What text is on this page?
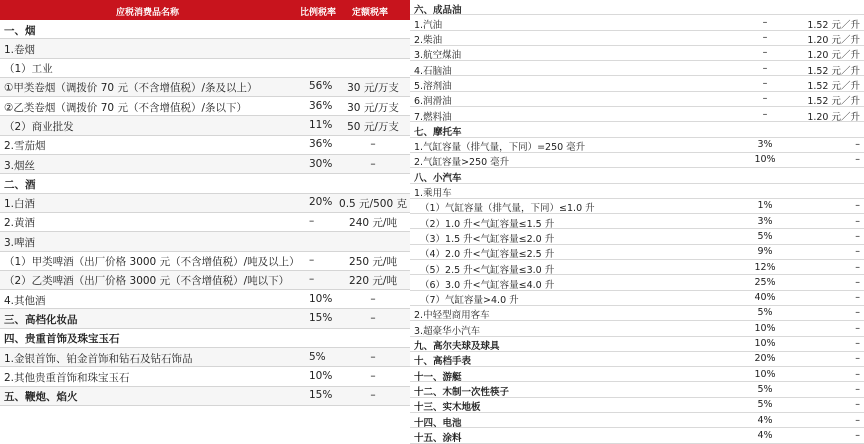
应税消费品名称	比例税率 定额税率
一、烟
1.卷烟
（1）工业
①甲类卷烟（调拨价 70 元（不含增值税）/条及以上）	56%	30 元/万支
②乙类卷烟（调拨价 70 元（不含增值税）/条以下）	36%	30 元/万支
（2）商业批发	11%	50 元/万支
2.雪茄烟	36%	–
3.烟丝	30%	–
二、酒
1.白酒	20% 0.5 元/500 克
2.黄酒	–	240 元/吨
3.啤酒
（1）甲类啤酒（出厂价格 3000 元（不含增值税）/吨及以上） –	250 元/吨
（2）乙类啤酒（出厂价格 3000 元（不含增值税）/吨以下） –	220 元/吨
4.其他酒	10%	–
三、高档化妆品	15%	–
四、贵重首饰及珠宝玉石
1.金银首饰、铂金首饰和钻石及钻石饰品	5%	–
2.其他贵重首饰和珠宝玉石	10%	–
五、鞭炮、焰火	15%	–
六、成品油
1.汽油	–	1.52 元／升
2.柴油	–	1.20 元／升
3.航空煤油	–	1.20 元／升
4.石脑油	–	1.52 元／升
5.溶剂油	–	1.52 元／升
6.润滑油	–	1.52 元／升
7.燃料油	–	1.20 元／升
七、摩托车
1.气缸容量（排气量，下同）=250 毫升	3%	–
2.气缸容量>250 毫升	10%	–
八、小汽车
1.乘用车
（1）气缸容量（排气量，下同）≤1.0 升	1%	–
（2）1.0 升<气缸容量≤1.5 升	3%	–
（3）1.5 升<气缸容量≤2.0 升	5%	–
（4）2.0 升<气缸容量≤2.5 升	9%	–
（5）2.5 升<气缸容量≤3.0 升	12%	–
（6）3.0 升<气缸容量≤4.0 升	25%	–
（7）气缸容量>4.0 升	40%	–
2.中轻型商用客车	5%	–
3.超豪华小汽车	10%	–
九、高尔夫球及球具	10%	–
十、高档手表	20%	–
十一、游艇	10%	–
十二、木制一次性筷子	5%	–
十三、实木地板	5%	–
十四、电池	4%	–
十五、涂料	4%	–
